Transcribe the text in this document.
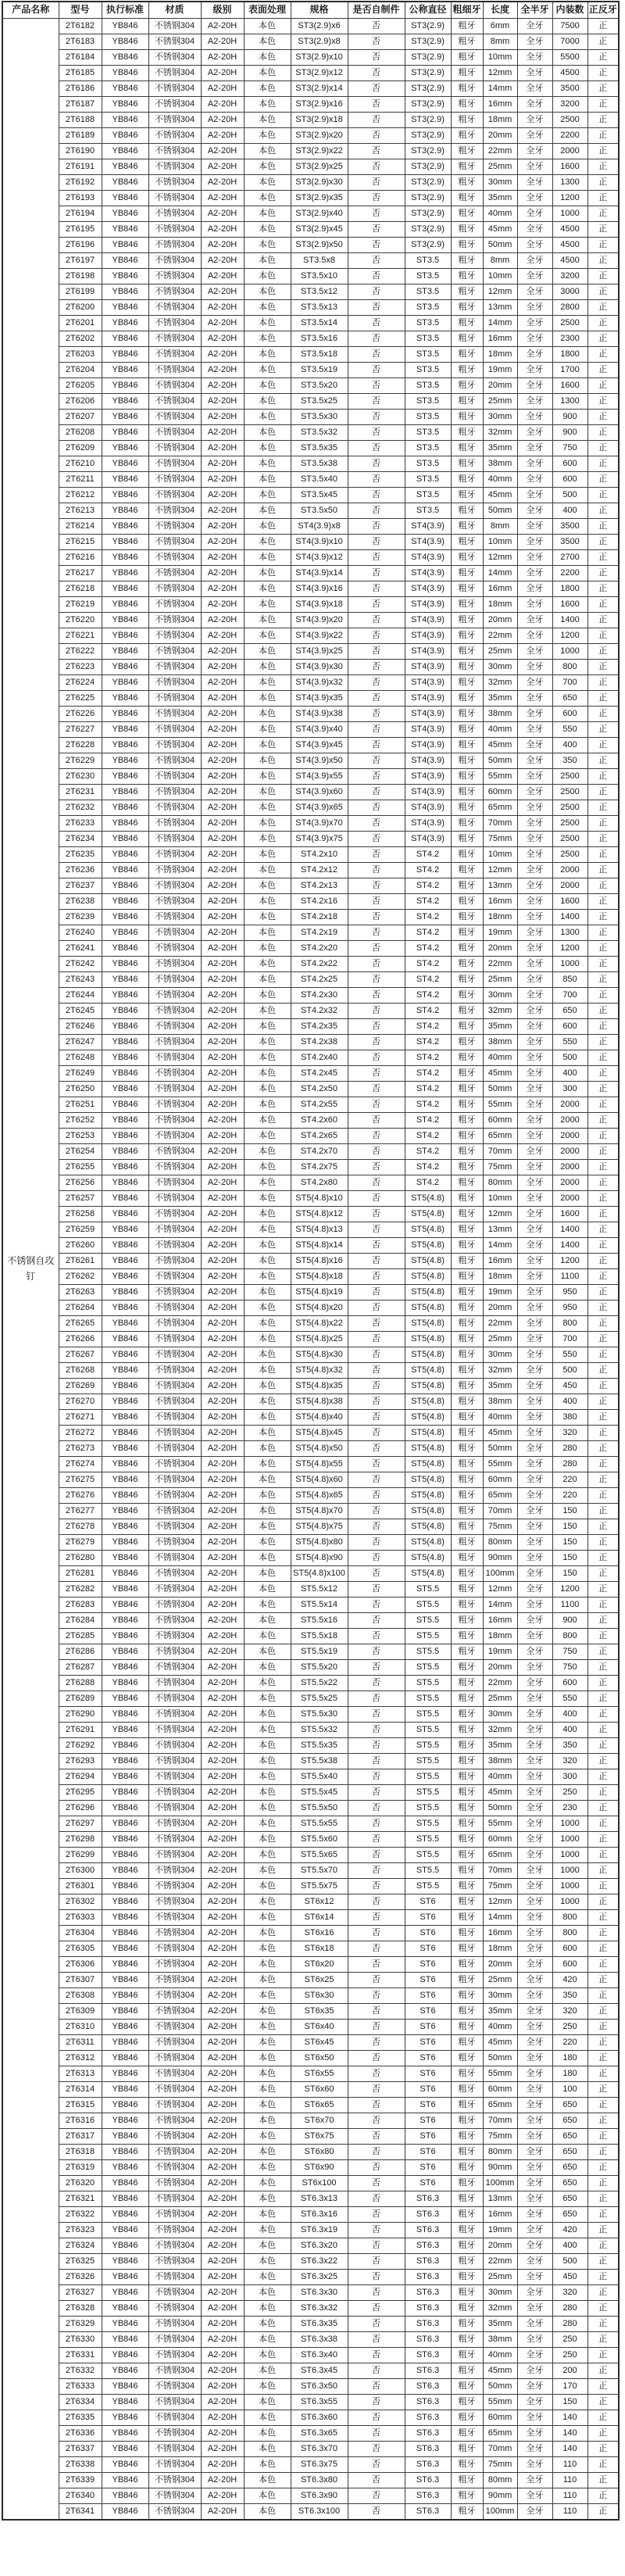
产品名称	型号	执行标准	材质	级别	表面处理	规格	是否自制件	公称直径	粗细牙	长度	全半牙	内装数	正反牙
不锈钢自攻钉	2T6182	YB846	不锈钢304	A2-20H	本色	ST3(2.9)x6	否	ST3(2.9)	粗牙	6mm	全牙	7500	正
	2T6183	YB846	不锈钢304	A2-20H	本色	ST3(2.9)x8	否	ST3(2.9)	粗牙	8mm	全牙	7000	正
	2T6184	YB846	不锈钢304	A2-20H	本色	ST3(2.9)x10	否	ST3(2.9)	粗牙	10mm	全牙	5500	正
	2T6185	YB846	不锈钢304	A2-20H	本色	ST3(2.9)x12	否	ST3(2.9)	粗牙	12mm	全牙	4500	正
	2T6186	YB846	不锈钢304	A2-20H	本色	ST3(2.9)x14	否	ST3(2.9)	粗牙	14mm	全牙	3500	正
	2T6187	YB846	不锈钢304	A2-20H	本色	ST3(2.9)x16	否	ST3(2.9)	粗牙	16mm	全牙	3200	正
	2T6188	YB846	不锈钢304	A2-20H	本色	ST3(2.9)x18	否	ST3(2.9)	粗牙	18mm	全牙	2500	正
	2T6189	YB846	不锈钢304	A2-20H	本色	ST3(2.9)x20	否	ST3(2.9)	粗牙	20mm	全牙	2200	正
	2T6190	YB846	不锈钢304	A2-20H	本色	ST3(2.9)x22	否	ST3(2.9)	粗牙	22mm	全牙	2000	正
	2T6191	YB846	不锈钢304	A2-20H	本色	ST3(2.9)x25	否	ST3(2.9)	粗牙	25mm	全牙	1600	正
	2T6192	YB846	不锈钢304	A2-20H	本色	ST3(2.9)x30	否	ST3(2.9)	粗牙	30mm	全牙	1300	正
	2T6193	YB846	不锈钢304	A2-20H	本色	ST3(2.9)x35	否	ST3(2.9)	粗牙	35mm	全牙	1200	正
	2T6194	YB846	不锈钢304	A2-20H	本色	ST3(2.9)x40	否	ST3(2.9)	粗牙	40mm	全牙	1000	正
	2T6195	YB846	不锈钢304	A2-20H	本色	ST3(2.9)x45	否	ST3(2.9)	粗牙	45mm	全牙	4500	正
	2T6196	YB846	不锈钢304	A2-20H	本色	ST3(2.9)x50	否	ST3(2.9)	粗牙	50mm	全牙	4500	正
	2T6197	YB846	不锈钢304	A2-20H	本色	ST3.5x8	否	ST3.5	粗牙	8mm	全牙	4500	正
	2T6198	YB846	不锈钢304	A2-20H	本色	ST3.5x10	否	ST3.5	粗牙	10mm	全牙	3200	正
	2T6199	YB846	不锈钢304	A2-20H	本色	ST3.5x12	否	ST3.5	粗牙	12mm	全牙	3000	正
	2T6200	YB846	不锈钢304	A2-20H	本色	ST3.5x13	否	ST3.5	粗牙	13mm	全牙	2800	正
	2T6201	YB846	不锈钢304	A2-20H	本色	ST3.5x14	否	ST3.5	粗牙	14mm	全牙	2500	正
	2T6202	YB846	不锈钢304	A2-20H	本色	ST3.5x16	否	ST3.5	粗牙	16mm	全牙	2300	正
	2T6203	YB846	不锈钢304	A2-20H	本色	ST3.5x18	否	ST3.5	粗牙	18mm	全牙	1800	正
	2T6204	YB846	不锈钢304	A2-20H	本色	ST3.5x19	否	ST3.5	粗牙	19mm	全牙	1700	正
	2T6205	YB846	不锈钢304	A2-20H	本色	ST3.5x20	否	ST3.5	粗牙	20mm	全牙	1600	正
	2T6206	YB846	不锈钢304	A2-20H	本色	ST3.5x25	否	ST3.5	粗牙	25mm	全牙	1300	正
	2T6207	YB846	不锈钢304	A2-20H	本色	ST3.5x30	否	ST3.5	粗牙	30mm	全牙	900	正
	2T6208	YB846	不锈钢304	A2-20H	本色	ST3.5x32	否	ST3.5	粗牙	32mm	全牙	900	正
	2T6209	YB846	不锈钢304	A2-20H	本色	ST3.5x35	否	ST3.5	粗牙	35mm	全牙	750	正
	2T6210	YB846	不锈钢304	A2-20H	本色	ST3.5x38	否	ST3.5	粗牙	38mm	全牙	600	正
	2T6211	YB846	不锈钢304	A2-20H	本色	ST3.5x40	否	ST3.5	粗牙	40mm	全牙	600	正
	2T6212	YB846	不锈钢304	A2-20H	本色	ST3.5x45	否	ST3.5	粗牙	45mm	全牙	500	正
	2T6213	YB846	不锈钢304	A2-20H	本色	ST3.5x50	否	ST3.5	粗牙	50mm	全牙	400	正
	2T6214	YB846	不锈钢304	A2-20H	本色	ST4(3.9)x8	否	ST4(3.9)	粗牙	8mm	全牙	3500	正
	2T6215	YB846	不锈钢304	A2-20H	本色	ST4(3.9)x10	否	ST4(3.9)	粗牙	10mm	全牙	3500	正
	2T6216	YB846	不锈钢304	A2-20H	本色	ST4(3.9)x12	否	ST4(3.9)	粗牙	12mm	全牙	2700	正
	2T6217	YB846	不锈钢304	A2-20H	本色	ST4(3.9)x14	否	ST4(3.9)	粗牙	14mm	全牙	2200	正
	2T6218	YB846	不锈钢304	A2-20H	本色	ST4(3.9)x16	否	ST4(3.9)	粗牙	16mm	全牙	1800	正
	2T6219	YB846	不锈钢304	A2-20H	本色	ST4(3.9)x18	否	ST4(3.9)	粗牙	18mm	全牙	1600	正
	2T6220	YB846	不锈钢304	A2-20H	本色	ST4(3.9)x20	否	ST4(3.9)	粗牙	20mm	全牙	1400	正
	2T6221	YB846	不锈钢304	A2-20H	本色	ST4(3.9)x22	否	ST4(3.9)	粗牙	22mm	全牙	1200	正
	2T6222	YB846	不锈钢304	A2-20H	本色	ST4(3.9)x25	否	ST4(3.9)	粗牙	25mm	全牙	1000	正
	2T6223	YB846	不锈钢304	A2-20H	本色	ST4(3.9)x30	否	ST4(3.9)	粗牙	30mm	全牙	800	正
	2T6224	YB846	不锈钢304	A2-20H	本色	ST4(3.9)x32	否	ST4(3.9)	粗牙	32mm	全牙	700	正
	2T6225	YB846	不锈钢304	A2-20H	本色	ST4(3.9)x35	否	ST4(3.9)	粗牙	35mm	全牙	650	正
	2T6226	YB846	不锈钢304	A2-20H	本色	ST4(3.9)x38	否	ST4(3.9)	粗牙	38mm	全牙	600	正
	2T6227	YB846	不锈钢304	A2-20H	本色	ST4(3.9)x40	否	ST4(3.9)	粗牙	40mm	全牙	550	正
	2T6228	YB846	不锈钢304	A2-20H	本色	ST4(3.9)x45	否	ST4(3.9)	粗牙	45mm	全牙	400	正
	2T6229	YB846	不锈钢304	A2-20H	本色	ST4(3.9)x50	否	ST4(3.9)	粗牙	50mm	全牙	350	正
	2T6230	YB846	不锈钢304	A2-20H	本色	ST4(3.9)x55	否	ST4(3.9)	粗牙	55mm	全牙	2500	正
	2T6231	YB846	不锈钢304	A2-20H	本色	ST4(3.9)x60	否	ST4(3.9)	粗牙	60mm	全牙	2500	正
	2T6232	YB846	不锈钢304	A2-20H	本色	ST4(3.9)x65	否	ST4(3.9)	粗牙	65mm	全牙	2500	正
	2T6233	YB846	不锈钢304	A2-20H	本色	ST4(3.9)x70	否	ST4(3.9)	粗牙	70mm	全牙	2500	正
	2T6234	YB846	不锈钢304	A2-20H	本色	ST4(3.9)x75	否	ST4(3.9)	粗牙	75mm	全牙	2500	正
	2T6235	YB846	不锈钢304	A2-20H	本色	ST4.2x10	否	ST4.2	粗牙	10mm	全牙	2500	正
	2T6236	YB846	不锈钢304	A2-20H	本色	ST4.2x12	否	ST4.2	粗牙	12mm	全牙	2000	正
	2T6237	YB846	不锈钢304	A2-20H	本色	ST4.2x13	否	ST4.2	粗牙	13mm	全牙	2000	正
	2T6238	YB846	不锈钢304	A2-20H	本色	ST4.2x16	否	ST4.2	粗牙	16mm	全牙	1600	正
	2T6239	YB846	不锈钢304	A2-20H	本色	ST4.2x18	否	ST4.2	粗牙	18mm	全牙	1400	正
	2T6240	YB846	不锈钢304	A2-20H	本色	ST4.2x19	否	ST4.2	粗牙	19mm	全牙	1300	正
	2T6241	YB846	不锈钢304	A2-20H	本色	ST4.2x20	否	ST4.2	粗牙	20mm	全牙	1200	正
	2T6242	YB846	不锈钢304	A2-20H	本色	ST4.2x22	否	ST4.2	粗牙	22mm	全牙	1000	正
	2T6243	YB846	不锈钢304	A2-20H	本色	ST4.2x25	否	ST4.2	粗牙	25mm	全牙	850	正
	2T6244	YB846	不锈钢304	A2-20H	本色	ST4.2x30	否	ST4.2	粗牙	30mm	全牙	700	正
	2T6245	YB846	不锈钢304	A2-20H	本色	ST4.2x32	否	ST4.2	粗牙	32mm	全牙	650	正
	2T6246	YB846	不锈钢304	A2-20H	本色	ST4.2x35	否	ST4.2	粗牙	35mm	全牙	600	正
	2T6247	YB846	不锈钢304	A2-20H	本色	ST4.2x38	否	ST4.2	粗牙	38mm	全牙	550	正
	2T6248	YB846	不锈钢304	A2-20H	本色	ST4.2x40	否	ST4.2	粗牙	40mm	全牙	500	正
	2T6249	YB846	不锈钢304	A2-20H	本色	ST4.2x45	否	ST4.2	粗牙	45mm	全牙	400	正
	2T6250	YB846	不锈钢304	A2-20H	本色	ST4.2x50	否	ST4.2	粗牙	50mm	全牙	300	正
	2T6251	YB846	不锈钢304	A2-20H	本色	ST4.2x55	否	ST4.2	粗牙	55mm	全牙	2000	正
	2T6252	YB846	不锈钢304	A2-20H	本色	ST4.2x60	否	ST4.2	粗牙	60mm	全牙	2000	正
	2T6253	YB846	不锈钢304	A2-20H	本色	ST4.2x65	否	ST4.2	粗牙	65mm	全牙	2000	正
	2T6254	YB846	不锈钢304	A2-20H	本色	ST4.2x70	否	ST4.2	粗牙	70mm	全牙	2000	正
	2T6255	YB846	不锈钢304	A2-20H	本色	ST4.2x75	否	ST4.2	粗牙	75mm	全牙	2000	正
	2T6256	YB846	不锈钢304	A2-20H	本色	ST4.2x80	否	ST4.2	粗牙	80mm	全牙	2000	正
	2T6257	YB846	不锈钢304	A2-20H	本色	ST5(4.8)x10	否	ST5(4.8)	粗牙	10mm	全牙	2000	正
	2T6258	YB846	不锈钢304	A2-20H	本色	ST5(4.8)x12	否	ST5(4.8)	粗牙	12mm	全牙	1600	正
	2T6259	YB846	不锈钢304	A2-20H	本色	ST5(4.8)x13	否	ST5(4.8)	粗牙	13mm	全牙	1400	正
	2T6260	YB846	不锈钢304	A2-20H	本色	ST5(4.8)x14	否	ST5(4.8)	粗牙	14mm	全牙	1400	正
	2T6261	YB846	不锈钢304	A2-20H	本色	ST5(4.8)x16	否	ST5(4.8)	粗牙	16mm	全牙	1200	正
	2T6262	YB846	不锈钢304	A2-20H	本色	ST5(4.8)x18	否	ST5(4.8)	粗牙	18mm	全牙	1100	正
	2T6263	YB846	不锈钢304	A2-20H	本色	ST5(4.8)x19	否	ST5(4.8)	粗牙	19mm	全牙	950	正
	2T6264	YB846	不锈钢304	A2-20H	本色	ST5(4.8)x20	否	ST5(4.8)	粗牙	20mm	全牙	950	正
	2T6265	YB846	不锈钢304	A2-20H	本色	ST5(4.8)x22	否	ST5(4.8)	粗牙	22mm	全牙	800	正
	2T6266	YB846	不锈钢304	A2-20H	本色	ST5(4.8)x25	否	ST5(4.8)	粗牙	25mm	全牙	700	正
	2T6267	YB846	不锈钢304	A2-20H	本色	ST5(4.8)x30	否	ST5(4.8)	粗牙	30mm	全牙	550	正
	2T6268	YB846	不锈钢304	A2-20H	本色	ST5(4.8)x32	否	ST5(4.8)	粗牙	32mm	全牙	500	正
	2T6269	YB846	不锈钢304	A2-20H	本色	ST5(4.8)x35	否	ST5(4.8)	粗牙	35mm	全牙	450	正
	2T6270	YB846	不锈钢304	A2-20H	本色	ST5(4.8)x38	否	ST5(4.8)	粗牙	38mm	全牙	400	正
	2T6271	YB846	不锈钢304	A2-20H	本色	ST5(4.8)x40	否	ST5(4.8)	粗牙	40mm	全牙	380	正
	2T6272	YB846	不锈钢304	A2-20H	本色	ST5(4.8)x45	否	ST5(4.8)	粗牙	45mm	全牙	320	正
	2T6273	YB846	不锈钢304	A2-20H	本色	ST5(4.8)x50	否	ST5(4.8)	粗牙	50mm	全牙	280	正
	2T6274	YB846	不锈钢304	A2-20H	本色	ST5(4.8)x55	否	ST5(4.8)	粗牙	55mm	全牙	280	正
	2T6275	YB846	不锈钢304	A2-20H	本色	ST5(4.8)x60	否	ST5(4.8)	粗牙	60mm	全牙	220	正
	2T6276	YB846	不锈钢304	A2-20H	本色	ST5(4.8)x65	否	ST5(4.8)	粗牙	65mm	全牙	220	正
	2T6277	YB846	不锈钢304	A2-20H	本色	ST5(4.8)x70	否	ST5(4.8)	粗牙	70mm	全牙	150	正
	2T6278	YB846	不锈钢304	A2-20H	本色	ST5(4.8)x75	否	ST5(4.8)	粗牙	75mm	全牙	150	正
	2T6279	YB846	不锈钢304	A2-20H	本色	ST5(4.8)x80	否	ST5(4.8)	粗牙	80mm	全牙	150	正
	2T6280	YB846	不锈钢304	A2-20H	本色	ST5(4.8)x90	否	ST5(4.8)	粗牙	90mm	全牙	150	正
	2T6281	YB846	不锈钢304	A2-20H	本色	ST5(4.8)x100	否	ST5(4.8)	粗牙	100mm	全牙	150	正
	2T6282	YB846	不锈钢304	A2-20H	本色	ST5.5x12	否	ST5.5	粗牙	12mm	全牙	1200	正
	2T6283	YB846	不锈钢304	A2-20H	本色	ST5.5x14	否	ST5.5	粗牙	14mm	全牙	1100	正
	2T6284	YB846	不锈钢304	A2-20H	本色	ST5.5x16	否	ST5.5	粗牙	16mm	全牙	900	正
	2T6285	YB846	不锈钢304	A2-20H	本色	ST5.5x18	否	ST5.5	粗牙	18mm	全牙	800	正
	2T6286	YB846	不锈钢304	A2-20H	本色	ST5.5x19	否	ST5.5	粗牙	19mm	全牙	750	正
	2T6287	YB846	不锈钢304	A2-20H	本色	ST5.5x20	否	ST5.5	粗牙	20mm	全牙	750	正
	2T6288	YB846	不锈钢304	A2-20H	本色	ST5.5x22	否	ST5.5	粗牙	22mm	全牙	600	正
	2T6289	YB846	不锈钢304	A2-20H	本色	ST5.5x25	否	ST5.5	粗牙	25mm	全牙	550	正
	2T6290	YB846	不锈钢304	A2-20H	本色	ST5.5x30	否	ST5.5	粗牙	30mm	全牙	400	正
	2T6291	YB846	不锈钢304	A2-20H	本色	ST5.5x32	否	ST5.5	粗牙	32mm	全牙	400	正
	2T6292	YB846	不锈钢304	A2-20H	本色	ST5.5x35	否	ST5.5	粗牙	35mm	全牙	350	正
	2T6293	YB846	不锈钢304	A2-20H	本色	ST5.5x38	否	ST5.5	粗牙	38mm	全牙	320	正
	2T6294	YB846	不锈钢304	A2-20H	本色	ST5.5x40	否	ST5.5	粗牙	40mm	全牙	300	正
	2T6295	YB846	不锈钢304	A2-20H	本色	ST5.5x45	否	ST5.5	粗牙	45mm	全牙	250	正
	2T6296	YB846	不锈钢304	A2-20H	本色	ST5.5x50	否	ST5.5	粗牙	50mm	全牙	230	正
	2T6297	YB846	不锈钢304	A2-20H	本色	ST5.5x55	否	ST5.5	粗牙	55mm	全牙	1000	正
	2T6298	YB846	不锈钢304	A2-20H	本色	ST5.5x60	否	ST5.5	粗牙	60mm	全牙	1000	正
	2T6299	YB846	不锈钢304	A2-20H	本色	ST5.5x65	否	ST5.5	粗牙	65mm	全牙	1000	正
	2T6300	YB846	不锈钢304	A2-20H	本色	ST5.5x70	否	ST5.5	粗牙	70mm	全牙	1000	正
	2T6301	YB846	不锈钢304	A2-20H	本色	ST5.5x75	否	ST5.5	粗牙	75mm	全牙	1000	正
	2T6302	YB846	不锈钢304	A2-20H	本色	ST6x12	否	ST6	粗牙	12mm	全牙	1000	正
	2T6303	YB846	不锈钢304	A2-20H	本色	ST6x14	否	ST6	粗牙	14mm	全牙	800	正
	2T6304	YB846	不锈钢304	A2-20H	本色	ST6x16	否	ST6	粗牙	16mm	全牙	800	正
	2T6305	YB846	不锈钢304	A2-20H	本色	ST6x18	否	ST6	粗牙	18mm	全牙	600	正
	2T6306	YB846	不锈钢304	A2-20H	本色	ST6x20	否	ST6	粗牙	20mm	全牙	600	正
	2T6307	YB846	不锈钢304	A2-20H	本色	ST6x25	否	ST6	粗牙	25mm	全牙	420	正
	2T6308	YB846	不锈钢304	A2-20H	本色	ST6x30	否	ST6	粗牙	30mm	全牙	350	正
	2T6309	YB846	不锈钢304	A2-20H	本色	ST6x35	否	ST6	粗牙	35mm	全牙	320	正
	2T6310	YB846	不锈钢304	A2-20H	本色	ST6x40	否	ST6	粗牙	40mm	全牙	250	正
	2T6311	YB846	不锈钢304	A2-20H	本色	ST6x45	否	ST6	粗牙	45mm	全牙	220	正
	2T6312	YB846	不锈钢304	A2-20H	本色	ST6x50	否	ST6	粗牙	50mm	全牙	180	正
	2T6313	YB846	不锈钢304	A2-20H	本色	ST6x55	否	ST6	粗牙	55mm	全牙	180	正
	2T6314	YB846	不锈钢304	A2-20H	本色	ST6x60	否	ST6	粗牙	60mm	全牙	100	正
	2T6315	YB846	不锈钢304	A2-20H	本色	ST6x65	否	ST6	粗牙	65mm	全牙	650	正
	2T6316	YB846	不锈钢304	A2-20H	本色	ST6x70	否	ST6	粗牙	70mm	全牙	650	正
	2T6317	YB846	不锈钢304	A2-20H	本色	ST6x75	否	ST6	粗牙	75mm	全牙	650	正
	2T6318	YB846	不锈钢304	A2-20H	本色	ST6x80	否	ST6	粗牙	80mm	全牙	650	正
	2T6319	YB846	不锈钢304	A2-20H	本色	ST6x90	否	ST6	粗牙	90mm	全牙	650	正
	2T6320	YB846	不锈钢304	A2-20H	本色	ST6x100	否	ST6	粗牙	100mm	全牙	650	正
	2T6321	YB846	不锈钢304	A2-20H	本色	ST6.3x13	否	ST6.3	粗牙	13mm	全牙	650	正
	2T6322	YB846	不锈钢304	A2-20H	本色	ST6.3x16	否	ST6.3	粗牙	16mm	全牙	650	正
	2T6323	YB846	不锈钢304	A2-20H	本色	ST6.3x19	否	ST6.3	粗牙	19mm	全牙	420	正
	2T6324	YB846	不锈钢304	A2-20H	本色	ST6.3x20	否	ST6.3	粗牙	20mm	全牙	400	正
	2T6325	YB846	不锈钢304	A2-20H	本色	ST6.3x22	否	ST6.3	粗牙	22mm	全牙	500	正
	2T6326	YB846	不锈钢304	A2-20H	本色	ST6.3x25	否	ST6.3	粗牙	25mm	全牙	450	正
	2T6327	YB846	不锈钢304	A2-20H	本色	ST6.3x30	否	ST6.3	粗牙	30mm	全牙	320	正
	2T6328	YB846	不锈钢304	A2-20H	本色	ST6.3x32	否	ST6.3	粗牙	32mm	全牙	280	正
	2T6329	YB846	不锈钢304	A2-20H	本色	ST6.3x35	否	ST6.3	粗牙	35mm	全牙	280	正
	2T6330	YB846	不锈钢304	A2-20H	本色	ST6.3x38	否	ST6.3	粗牙	38mm	全牙	250	正
	2T6331	YB846	不锈钢304	A2-20H	本色	ST6.3x40	否	ST6.3	粗牙	40mm	全牙	250	正
	2T6332	YB846	不锈钢304	A2-20H	本色	ST6.3x45	否	ST6.3	粗牙	45mm	全牙	200	正
	2T6333	YB846	不锈钢304	A2-20H	本色	ST6.3x50	否	ST6.3	粗牙	50mm	全牙	170	正
	2T6334	YB846	不锈钢304	A2-20H	本色	ST6.3x55	否	ST6.3	粗牙	55mm	全牙	150	正
	2T6335	YB846	不锈钢304	A2-20H	本色	ST6.3x60	否	ST6.3	粗牙	60mm	全牙	140	正
	2T6336	YB846	不锈钢304	A2-20H	本色	ST6.3x65	否	ST6.3	粗牙	65mm	全牙	140	正
	2T6337	YB846	不锈钢304	A2-20H	本色	ST6.3x70	否	ST6.3	粗牙	70mm	全牙	140	正
	2T6338	YB846	不锈钢304	A2-20H	本色	ST6.3x75	否	ST6.3	粗牙	75mm	全牙	110	正
	2T6339	YB846	不锈钢304	A2-20H	本色	ST6.3x80	否	ST6.3	粗牙	80mm	全牙	110	正
	2T6340	YB846	不锈钢304	A2-20H	本色	ST6.3x90	否	ST6.3	粗牙	90mm	全牙	110	正
	2T6341	YB846	不锈钢304	A2-20H	本色	ST6.3x100	否	ST6.3	粗牙	100mm	全牙	110	正
